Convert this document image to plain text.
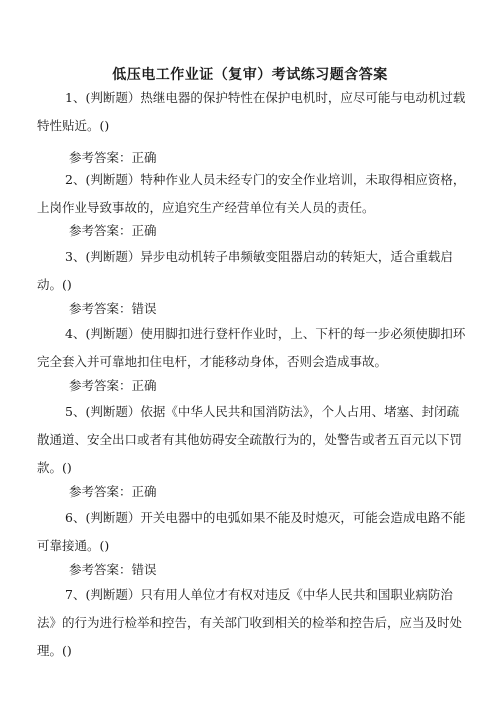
低压电工作业证（复审）考试练习题含答案

1、(判断题）热继电器的保护特性在保护电机时，应尽可能与电动机过载特性贴近。()

参考答案：正确

2、(判断题）特种作业人员未经专门的安全作业培训，未取得相应资格，上岗作业导致事故的，应追究生产经营单位有关人员的责任。

参考答案：正确

3、(判断题）异步电动机转子串频敏变阻器启动的转矩大，适合重载启动。()

参考答案：错误

4、(判断题）使用脚扣进行登杆作业时，上、下杆的每一步必须使脚扣环完全套入并可靠地扣住电杆，才能移动身体，否则会造成事故。

参考答案：正确

5、(判断题）依据《中华人民共和国消防法》，个人占用、堵塞、封闭疏散通道、安全出口或者有其他妨碍安全疏散行为的，处警告或者五百元以下罚款。()

参考答案：正确

6、(判断题）开关电器中的电弧如果不能及时熄灭，可能会造成电路不能可靠接通。()

参考答案：错误

7、(判断题）只有用人单位才有权对违反《中华人民共和国职业病防治法》的行为进行检举和控告，有关部门收到相关的检举和控告后，应当及时处理。()
